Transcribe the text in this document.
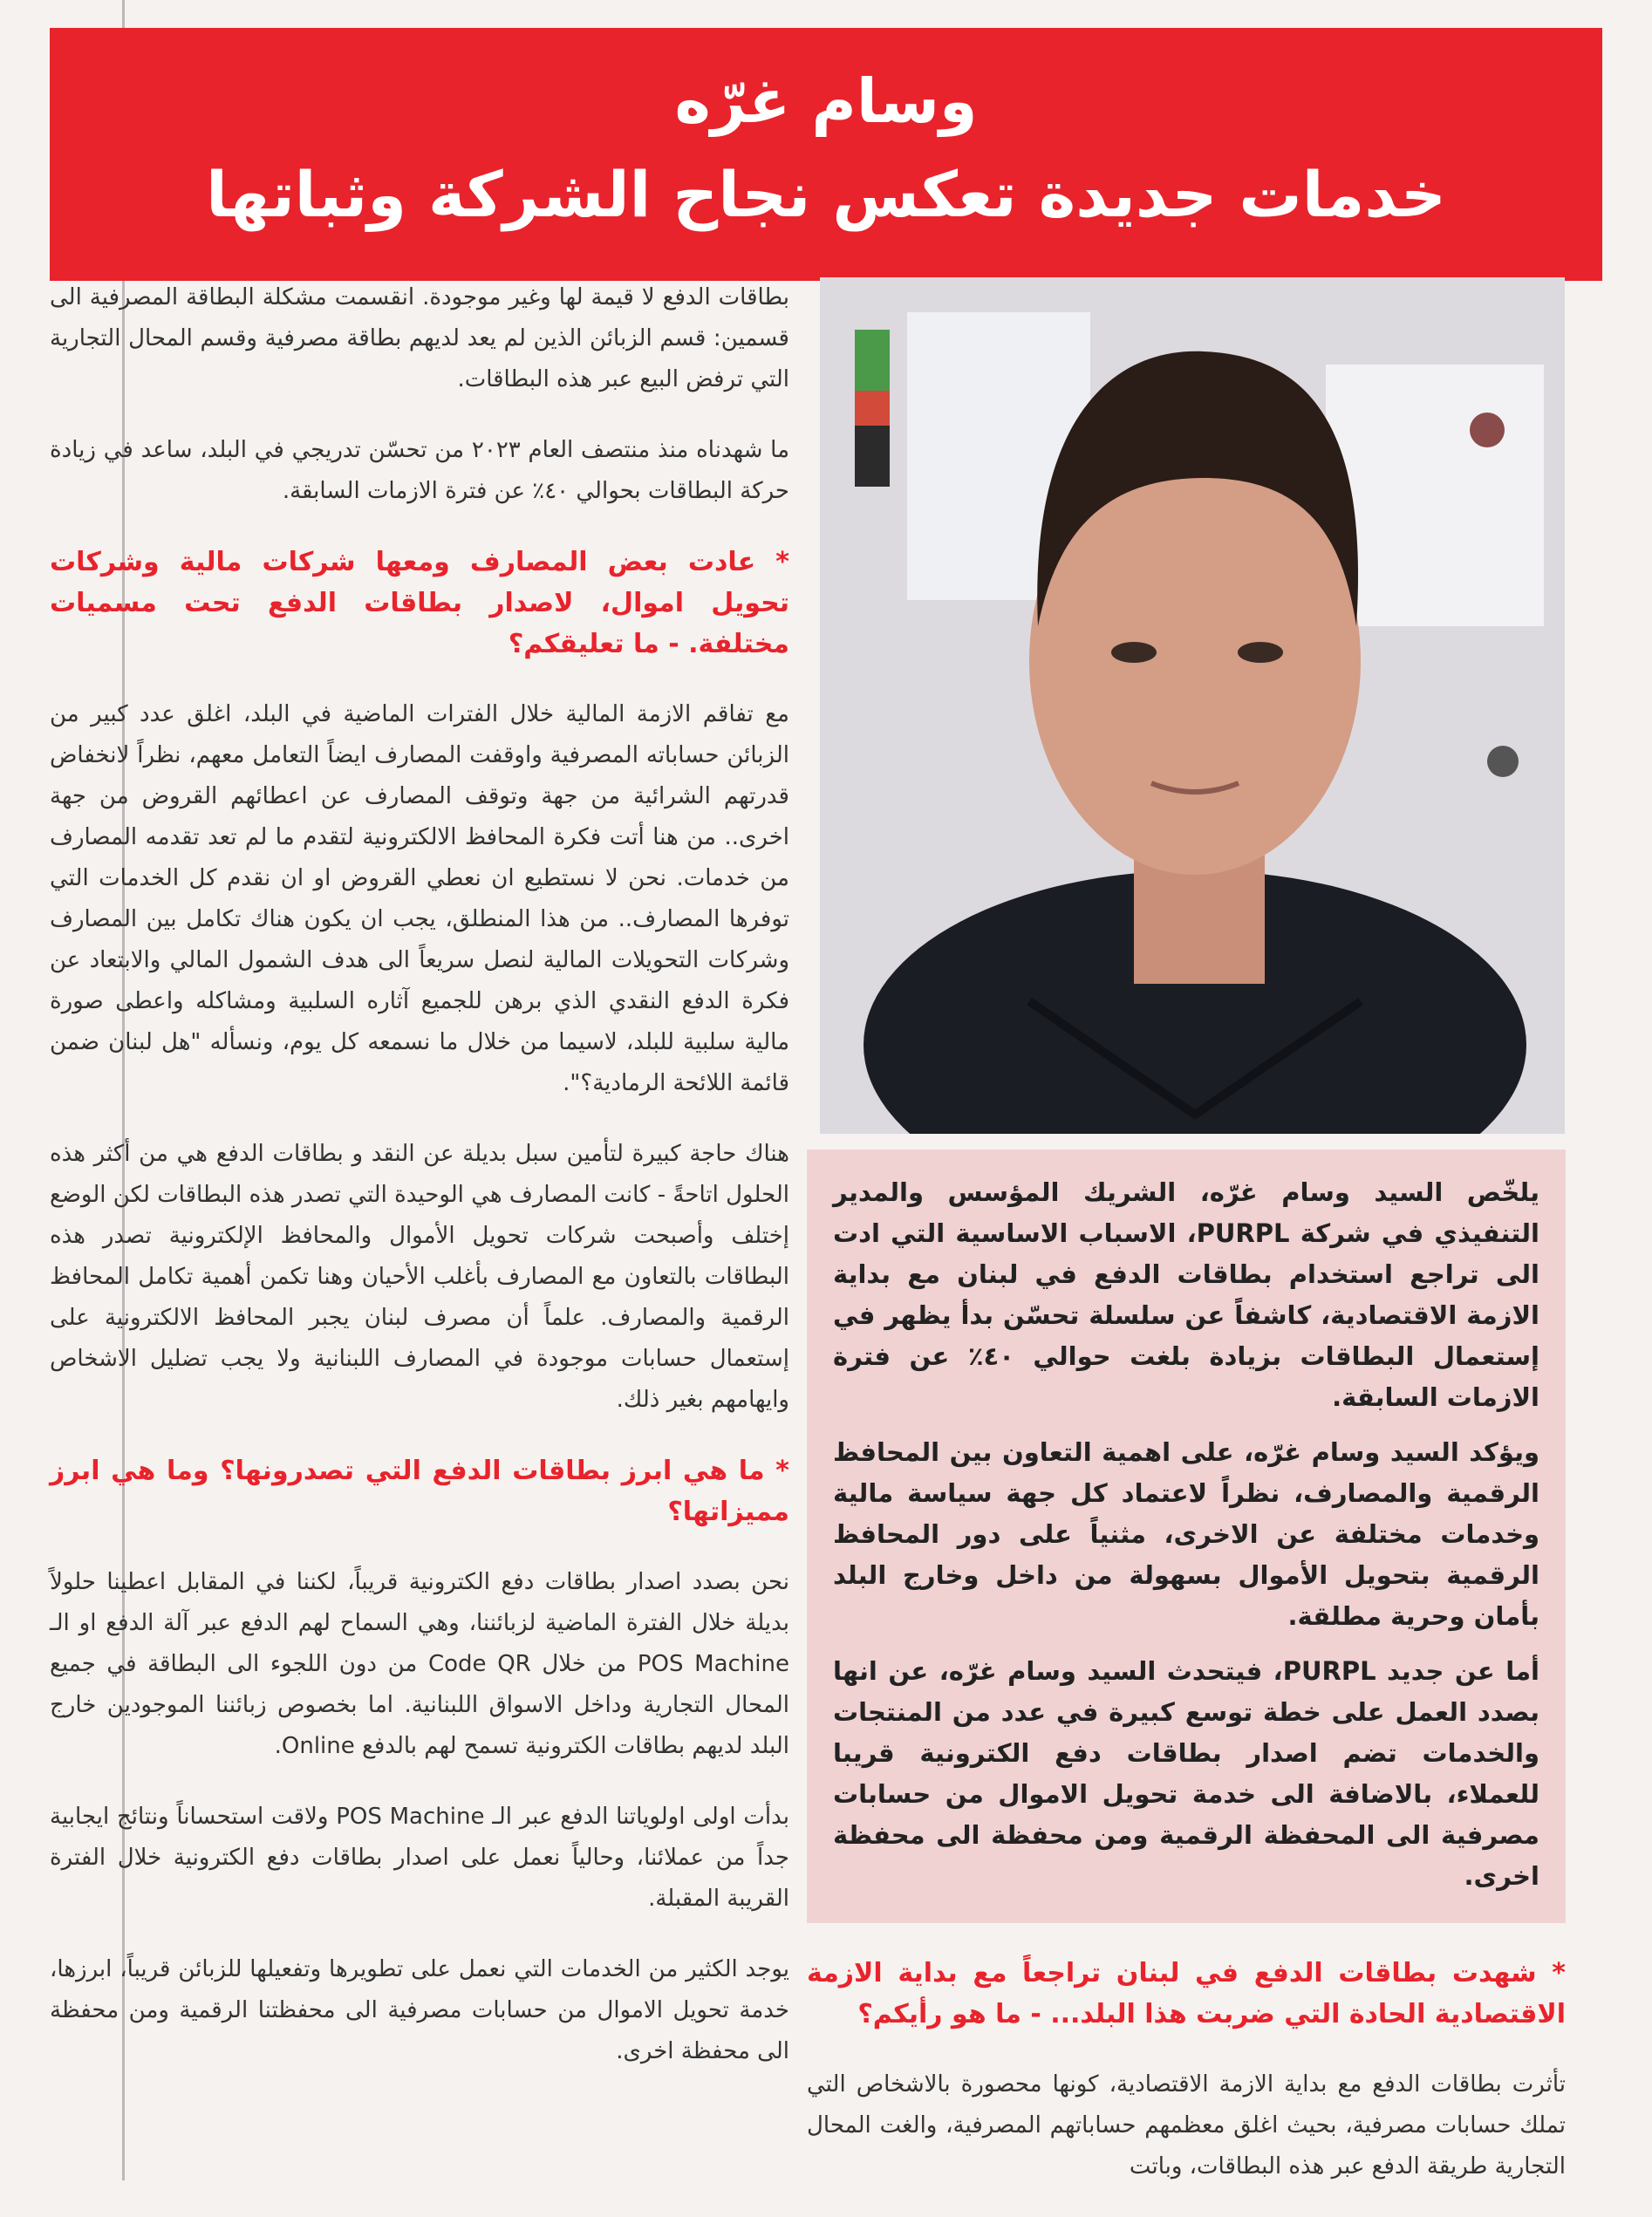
وسام غرّه
خدمات جديدة تعكس نجاح الشركة وثباتها

بطاقات الدفع لا قيمة لها وغير موجودة. انقسمت مشكلة البطاقة المصرفية الى قسمين: قسم الزبائن الذين لم يعد لديهم بطاقة مصرفية وقسم المحال التجارية التي ترفض البيع عبر هذه البطاقات.

ما شهدناه منذ منتصف العام ٢٠٢٣ من تحسّن تدريجي في البلد، ساعد في زيادة حركة البطاقات بحوالي ٤٠٪ عن فترة الازمات السابقة.

* عادت بعض المصارف ومعها شركات مالية وشركات تحويل اموال، لاصدار بطاقات الدفع تحت مسميات مختلفة. - ما تعليقكم؟

مع تفاقم الازمة المالية خلال الفترات الماضية في البلد، اغلق عدد كبير من الزبائن حساباته المصرفية واوقفت المصارف ايضاً التعامل معهم، نظراً لانخفاض قدرتهم الشرائية من جهة وتوقف المصارف عن اعطائهم القروض من جهة اخرى.. من هنا أتت فكرة المحافظ الالكترونية لتقدم ما لم تعد تقدمه المصارف من خدمات. نحن لا نستطيع ان نعطي القروض او ان نقدم كل الخدمات التي توفرها المصارف.. من هذا المنطلق، يجب ان يكون هناك تكامل بين المصارف وشركات التحويلات المالية لنصل سريعاً الى هدف الشمول المالي والابتعاد عن فكرة الدفع النقدي الذي برهن للجميع آثاره السلبية ومشاكله واعطى صورة مالية سلبية للبلد، لاسيما من خلال ما نسمعه كل يوم، ونسأله "هل لبنان ضمن قائمة اللائحة الرمادية؟".

هناك حاجة كبيرة لتأمين سبل بديلة عن النقد و بطاقات الدفع هي من أكثر هذه الحلول اتاحةً - كانت المصارف هي الوحيدة التي تصدر هذه البطاقات لكن الوضع إختلف وأصبحت شركات تحويل الأموال والمحافظ الإلكترونية تصدر هذه البطاقات بالتعاون مع المصارف بأغلب الأحيان وهنا تكمن أهمية تكامل المحافظ الرقمية والمصارف. علماً أن مصرف لبنان يجبر المحافظ الالكترونية على إستعمال حسابات موجودة في المصارف اللبنانية ولا يجب تضليل الاشخاص وايهامهم بغير ذلك.

* ما هي ابرز بطاقات الدفع التي تصدرونها؟ وما هي ابرز مميزاتها؟

نحن بصدد اصدار بطاقات دفع الكترونية قريباً، لكننا في المقابل اعطينا حلولاً بديلة خلال الفترة الماضية لزبائننا، وهي السماح لهم الدفع عبر آلة الدفع او الـ POS Machine من خلال Code QR من دون اللجوء الى البطاقة في جميع المحال التجارية وداخل الاسواق اللبنانية. اما بخصوص زبائننا الموجودين خارج البلد لديهم بطاقات الكترونية تسمح لهم بالدفع Online.

بدأت اولى اولوياتنا الدفع عبر الـ POS Machine ولاقت استحساناً ونتائج ايجابية جداً من عملائنا، وحالياً نعمل على اصدار بطاقات دفع الكترونية خلال الفترة القريبة المقبلة.

يوجد الكثير من الخدمات التي نعمل على تطويرها وتفعيلها للزبائن قريباً، ابرزها، خدمة تحويل الاموال من حسابات مصرفية الى محفظتنا الرقمية ومن محفظة الى محفظة اخرى.

يلخّص السيد وسام غرّه، الشريك المؤسس والمدير التنفيذي في شركة PURPL، الاسباب الاساسية التي ادت الى تراجع استخدام بطاقات الدفع في لبنان مع بداية الازمة الاقتصادية، كاشفاً عن سلسلة تحسّن بدأ يظهر في إستعمال البطاقات بزيادة بلغت حوالي ٤٠٪ عن فترة الازمات السابقة.

ويؤكد السيد وسام غرّه، على اهمية التعاون بين المحافظ الرقمية والمصارف، نظراً لاعتماد كل جهة سياسة مالية وخدمات مختلفة عن الاخرى، مثنياً على دور المحافظ الرقمية بتحويل الأموال بسهولة من داخل وخارج البلد بأمان وحرية مطلقة.

أما عن جديد PURPL، فيتحدث السيد وسام غرّه، عن انها بصدد العمل على خطة توسع كبيرة في عدد من المنتجات والخدمات تضم اصدار بطاقات دفع الكترونية قريبا للعملاء، بالاضافة الى خدمة تحويل الاموال من حسابات مصرفية الى المحفظة الرقمية ومن محفظة الى محفظة اخرى.

* شهدت بطاقات الدفع في لبنان تراجعاً مع بداية الازمة الاقتصادية الحادة التي ضربت هذا البلد... - ما هو رأيكم؟

تأثرت بطاقات الدفع مع بداية الازمة الاقتصادية، كونها محصورة بالاشخاص التي تملك حسابات مصرفية، بحيث اغلق معظمهم حساباتهم المصرفية، والغت المحال التجارية طريقة الدفع عبر هذه البطاقات، وباتت
